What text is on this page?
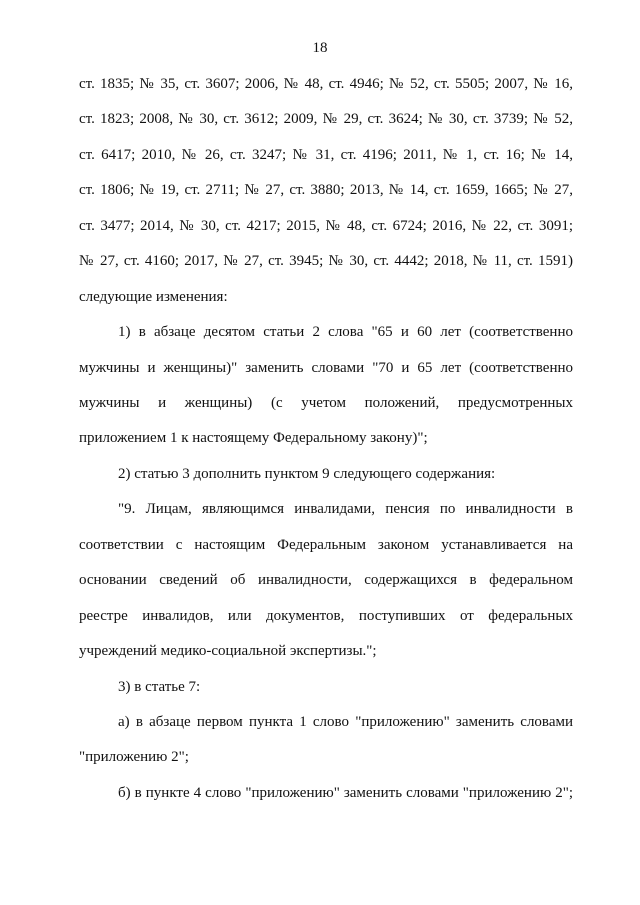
18
ст. 1835; № 35, ст. 3607; 2006, № 48, ст. 4946; № 52, ст. 5505; 2007, № 16,
ст. 1823; 2008, № 30, ст. 3612; 2009, № 29, ст. 3624; № 30, ст. 3739; № 52,
ст. 6417; 2010, № 26, ст. 3247; № 31, ст. 4196; 2011, № 1, ст. 16; № 14,
ст. 1806; № 19, ст. 2711; № 27, ст. 3880; 2013, № 14, ст. 1659, 1665; № 27,
ст. 3477; 2014, № 30, ст. 4217; 2015, № 48, ст. 6724; 2016, № 22, ст. 3091;
№ 27, ст. 4160; 2017, № 27, ст. 3945; № 30, ст. 4442; 2018, № 11, ст. 1591)
следующие изменения:
1) в абзаце десятом статьи 2 слова "65 и 60 лет (соответственно
мужчины и женщины)" заменить словами "70 и 65 лет (соответственно
мужчины и женщины) (с учетом положений, предусмотренных
приложением 1 к настоящему Федеральному закону)";
2) статью 3 дополнить пунктом 9 следующего содержания:
"9. Лицам, являющимся инвалидами, пенсия по инвалидности в
соответствии с настоящим Федеральным законом устанавливается на
основании сведений об инвалидности, содержащихся в федеральном
реестре инвалидов, или документов, поступивших от федеральных
учреждений медико-социальной экспертизы.";
3) в статье 7:
а) в абзаце первом пункта 1 слово "приложению" заменить словами
"приложению 2";
б) в пункте 4 слово "приложению" заменить словами "приложению 2";
